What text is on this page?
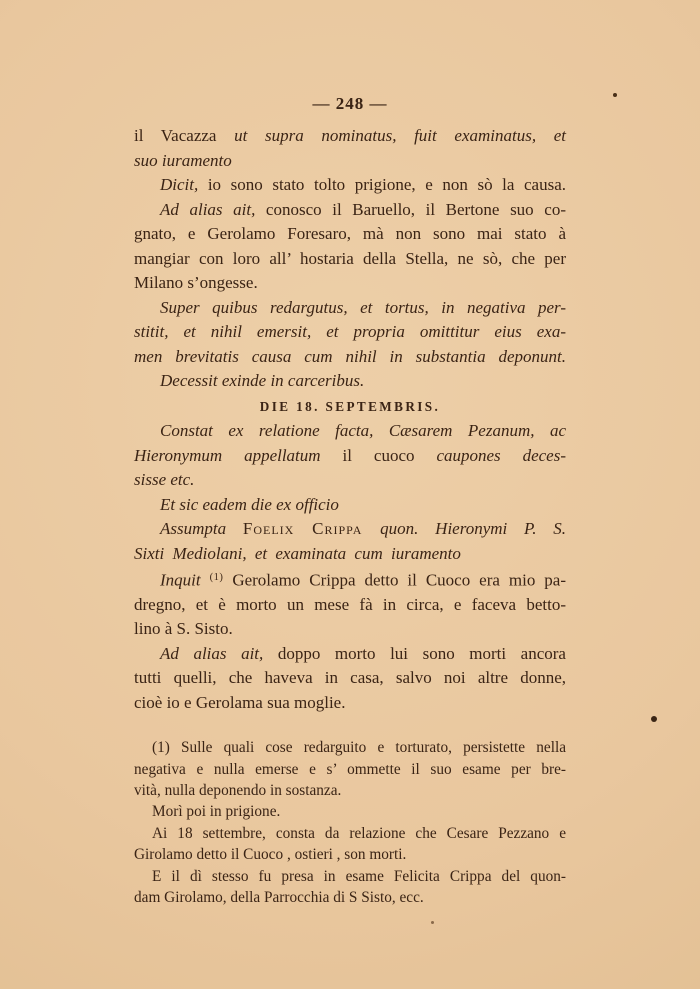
— 248 —
il Vacazza ut supra nominatus, fuit examinatus, et
suo iuramento
Dicit, io sono stato tolto prigione, e non sò la causa.
Ad alias ait, conosco il Baruello, il Bertone suo co-
gnato, e Gerolamo Foresaro, mà non sono mai stato à
mangiar con loro all’ hostaria della Stella, ne sò, che per
Milano s’ongesse.
Super quibus redargutus, et tortus, in negativa per-
stitit, et nihil emersit, et propria omittitur eius exa-
men brevitatis causa cum nihil in substantia deponunt.
Decessit exinde in carceribus.
DIE 18. SEPTEMBRIS.
Constat ex relatione facta, Cæsarem Pezanum, ac
Hieronymum appellatum il cuoco caupones deces-
sisse etc.
Et sic eadem die ex officio
Assumpta Foelix Crippa quon. Hieronymi P. S.
Sixti Mediolani, et examinata cum iuramento
Inquit $^{(1)}$ Gerolamo Crippa detto il Cuoco era mio pa-
dregno, et è morto un mese fà in circa, e faceva betto-
lino à S. Sisto.
Ad alias ait, doppo morto lui sono morti ancora
tutti quelli, che haveva in casa, salvo noi altre donne,
cioè io e Gerolama sua moglie.
(1) Sulle quali cose redarguito e torturato, persistette nella
negativa e nulla emerse e s’ ommette il suo esame per bre-
vità, nulla deponendo in sostanza.
Morì poi in prigione.
Ai 18 settembre, consta da relazione che Cesare Pezzano e
Girolamo detto il Cuoco , ostieri , son morti.
E il dì stesso fu presa in esame Felicita Crippa del quon-
dam Girolamo, della Parrocchia di S Sisto, ecc.
